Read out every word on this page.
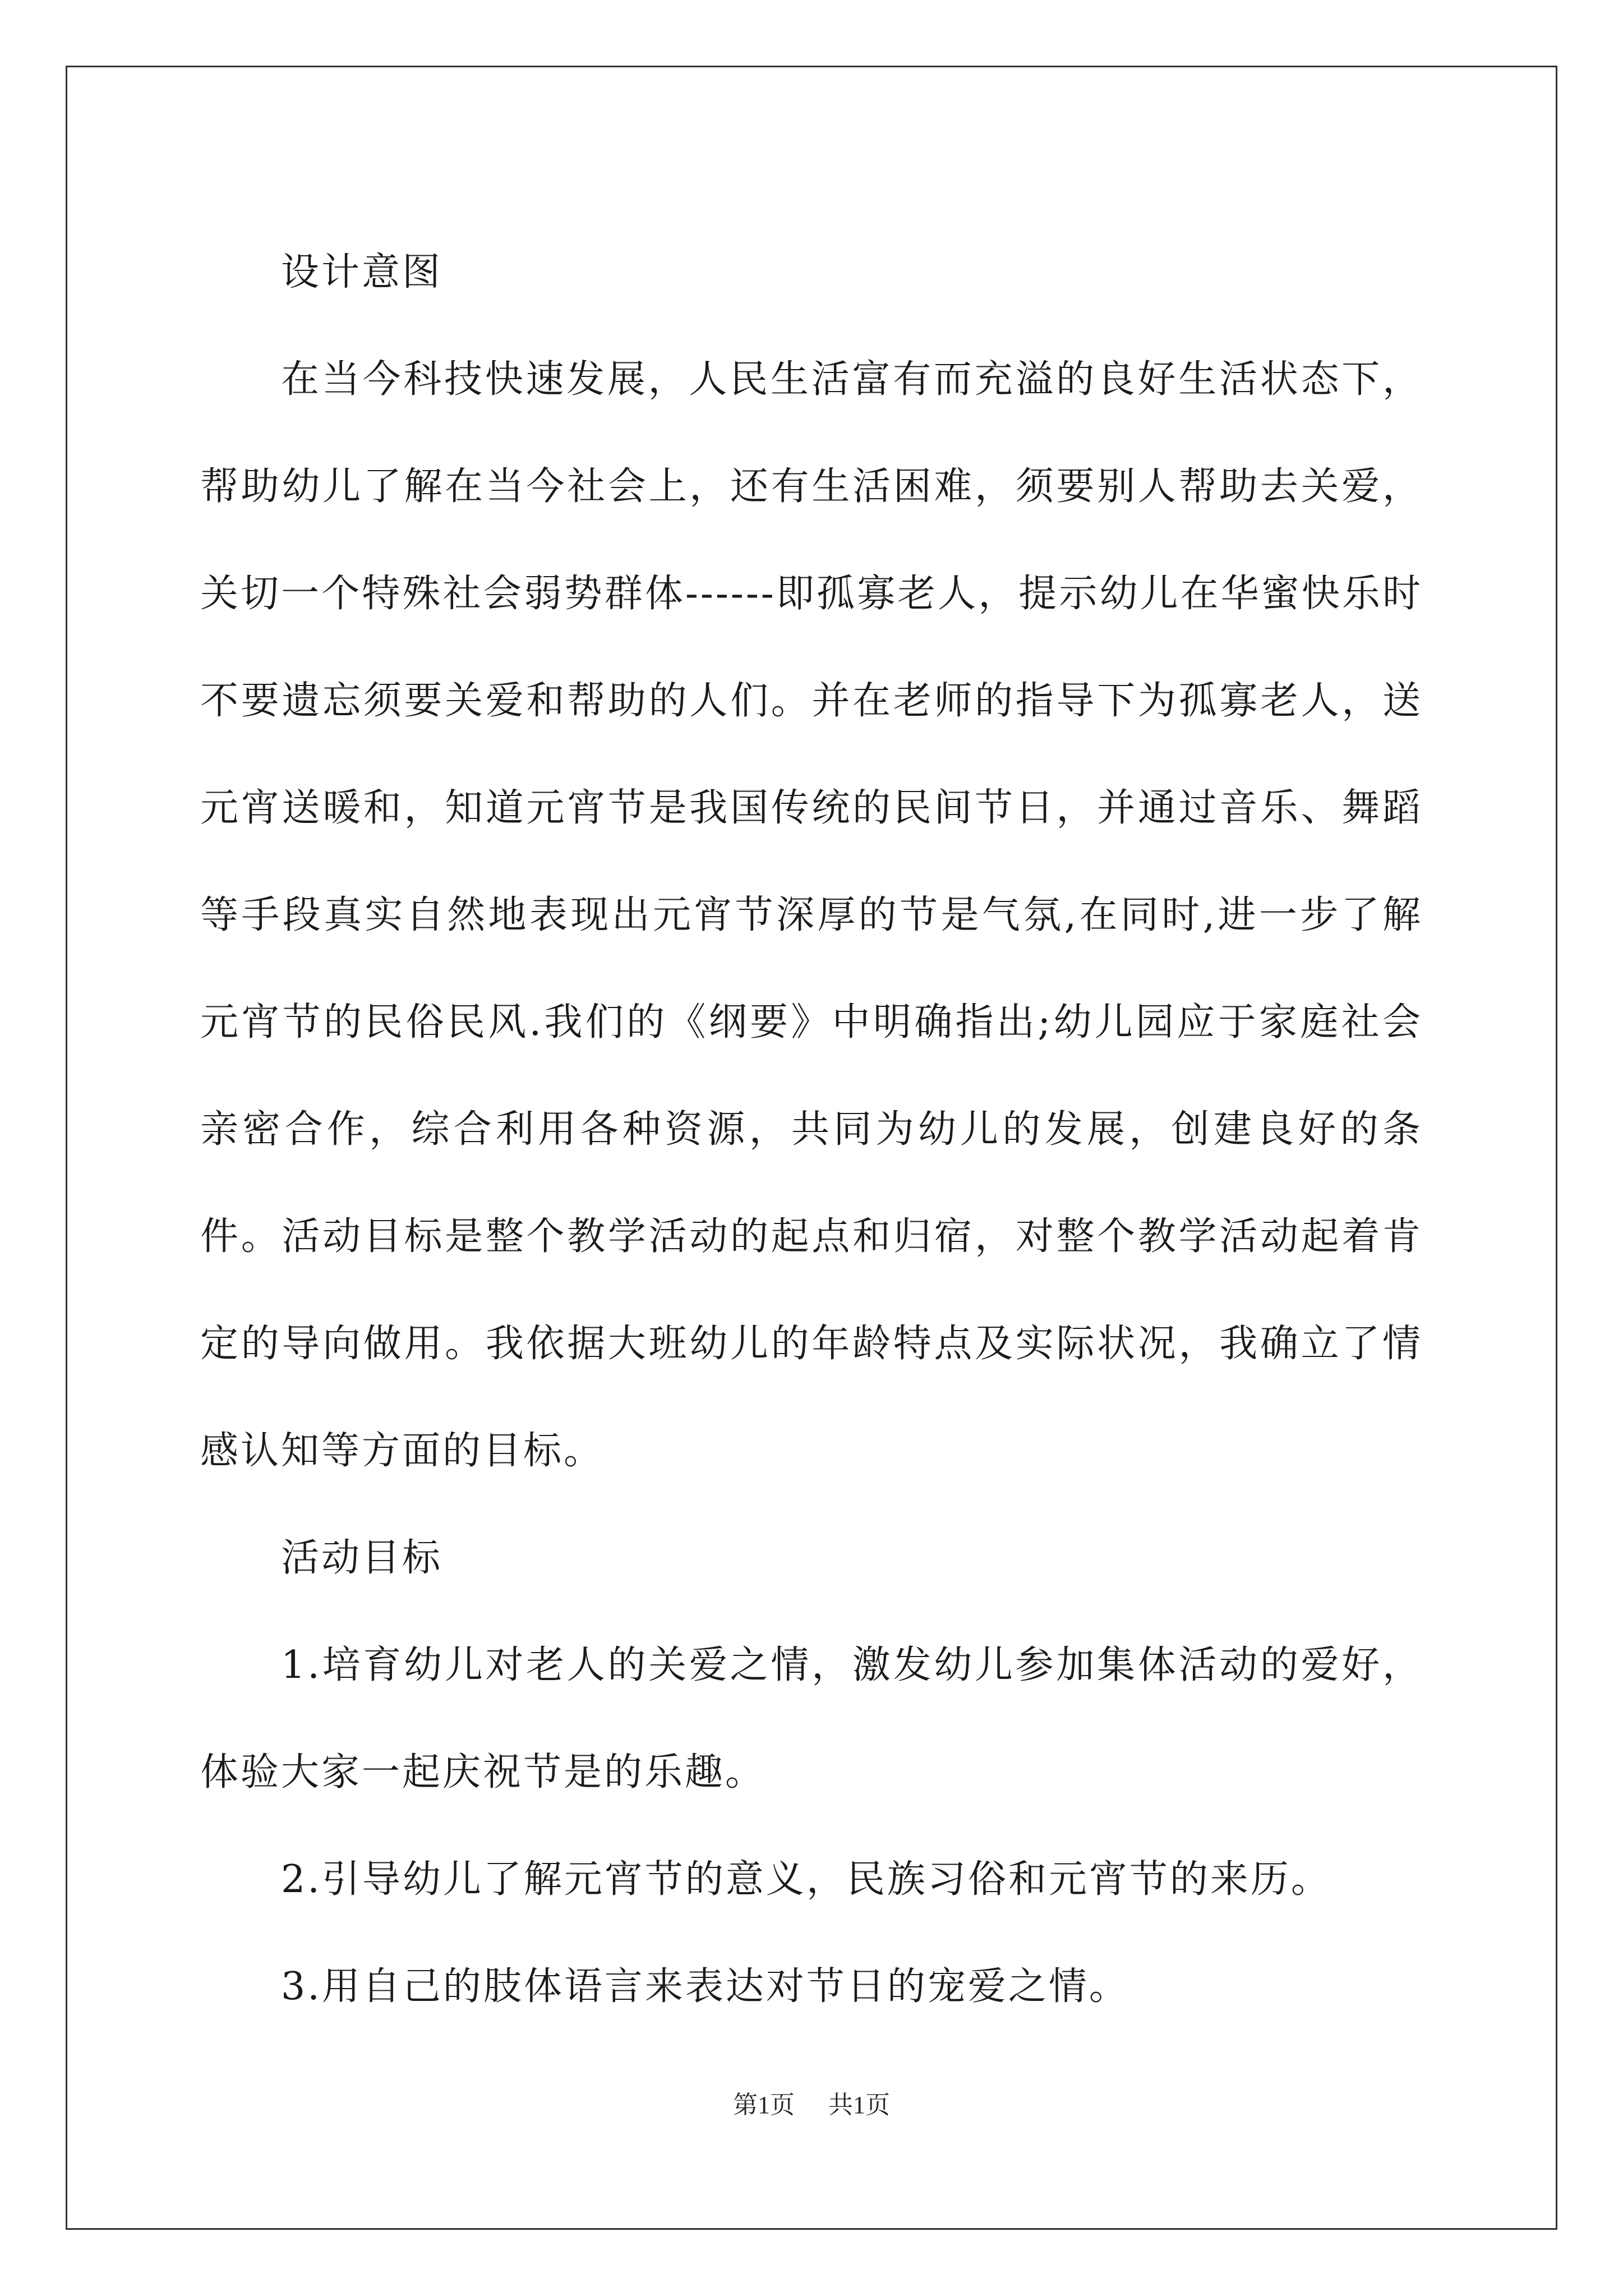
设计意图

在当今科技快速发展，人民生活富有而充溢的良好生活状态下，帮助幼儿了解在当今社会上，还有生活困难，须要别人帮助去关爱，关切一个特殊社会弱势群体------即孤寡老人，提示幼儿在华蜜快乐时不要遗忘须要关爱和帮助的人们。并在老师的指导下为孤寡老人，送元宵送暖和，知道元宵节是我国传统的民间节日，并通过音乐、舞蹈等手段真实自然地表现出元宵节深厚的节是气氛,在同时,进一步了解元宵节的民俗民风.我们的《纲要》中明确指出;幼儿园应于家庭社会亲密合作，综合利用各种资源，共同为幼儿的发展，创建良好的条件。活动目标是整个教学活动的起点和归宿，对整个教学活动起着肯定的导向做用。我依据大班幼儿的年龄特点及实际状况，我确立了情感认知等方面的目标。

活动目标

1.培育幼儿对老人的关爱之情，激发幼儿参加集体活动的爱好，体验大家一起庆祝节是的乐趣。

2.引导幼儿了解元宵节的意义，民族习俗和元宵节的来历。

3.用自己的肢体语言来表达对节日的宠爱之情。

第1页 共1页
